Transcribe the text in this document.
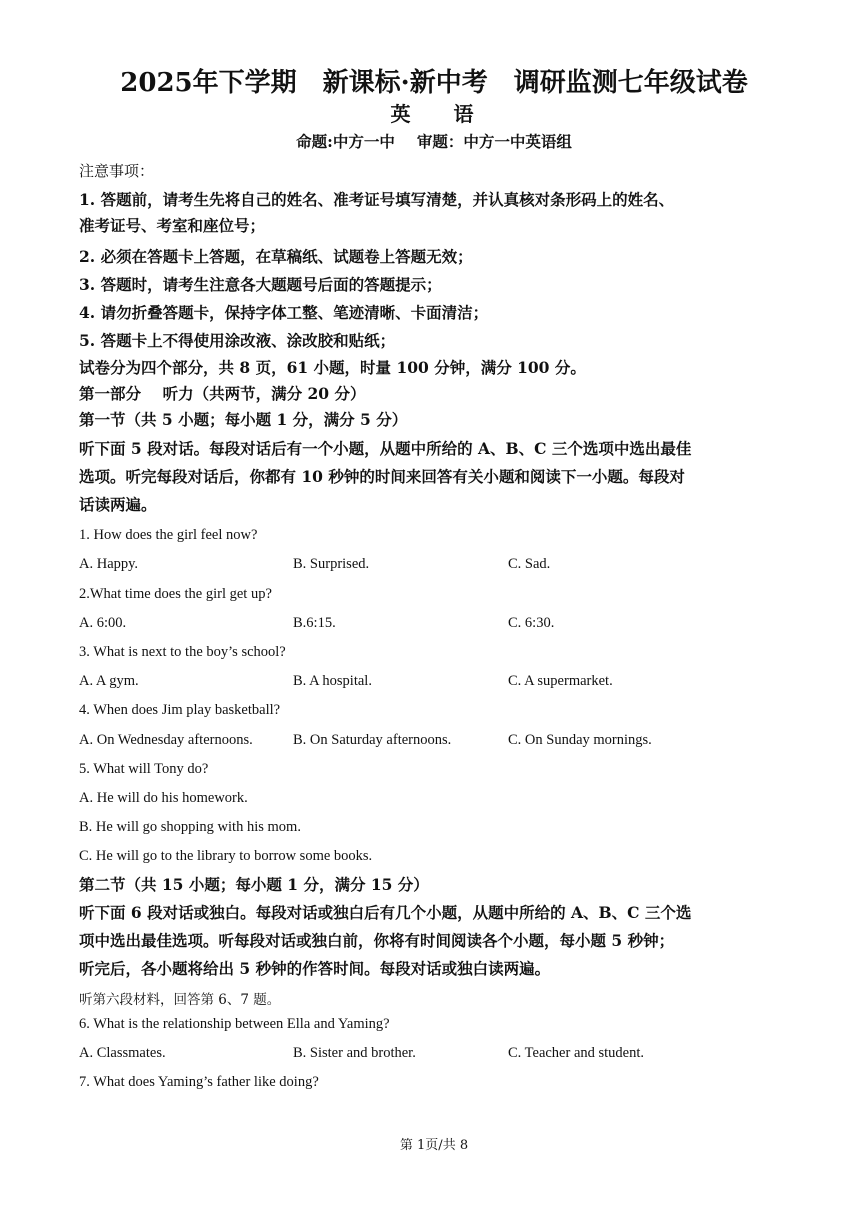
2025年下学期 新课标·新中考 调研监测七年级试卷
英 语
命题:中方一中 审题：中方一中英语组
注意事项：
1. 答题前，请考生先将自己的姓名、准考证号填写清楚，并认真核对条形码上的姓名、
准考证号、考室和座位号；
2. 必须在答题卡上答题，在草稿纸、试题卷上答题无效；
3. 答题时，请考生注意各大题题号后面的答题提示；
4. 请勿折叠答题卡，保持字体工整、笔迹清晰、卡面清洁；
5. 答题卡上不得使用涂改液、涂改胶和贴纸；
试卷分为四个部分，共 8 页，61 小题，时量 100 分钟，满分 100 分。
第一部分    听力（共两节，满分 20 分）
第一节（共 5 小题；每小题 1 分，满分 5 分）
听下面 5 段对话。每段对话后有一个小题，从题中所给的 A、B、C 三个选项中选出最佳
选项。听完每段对话后，你都有 10 秒钟的时间来回答有关小题和阅读下一小题。每段对
话读两遍。
1. How does the girl feel now?
A. Happy.	B. Surprised.	C. Sad.
2.What time does the girl get up?
A. 6:00.	B.6:15.	C. 6:30.
3. What is next to the boy’s school?
A. A gym.	B. A hospital.	C. A supermarket.
4. When does Jim play basketball?
A. On Wednesday afternoons.	B. On Saturday afternoons.	C. On Sunday mornings.
5. What will Tony do?
A. He will do his homework.
B. He will go shopping with his mom.
C. He will go to the library to borrow some books.
第二节（共 15 小题；每小题 1 分，满分 15 分）
听下面 6 段对话或独白。每段对话或独白后有几个小题，从题中所给的 A、B、C 三个选
项中选出最佳选项。听每段对话或独白前，你将有时间阅读各个小题，每小题 5 秒钟；
听完后，各小题将给出 5 秒钟的作答时间。每段对话或独白读两遍。
听第六段材料，回答第 6、7 题。
6. What is the relationship between Ella and Yaming?
A. Classmates.	B. Sister and brother.	C. Teacher and student.
7. What does Yaming’s father like doing?
第 1页/共 8
